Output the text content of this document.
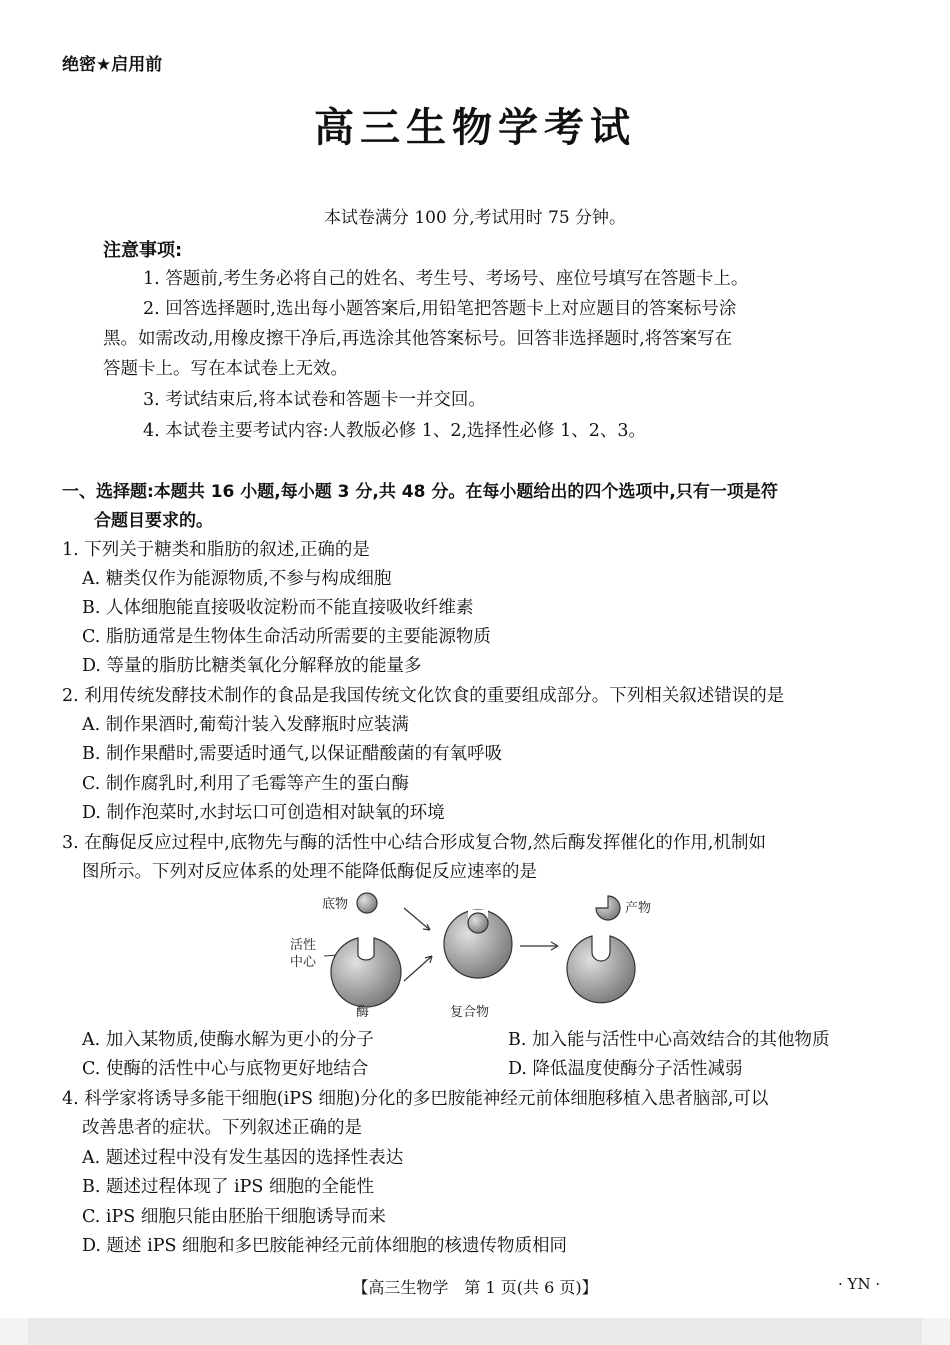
绝密★启用前
高三生物学考试
本试卷满分 100 分,考试用时 75 分钟。
注意事项:
1. 答题前,考生务必将自己的姓名、考生号、考场号、座位号填写在答题卡上。
2. 回答选择题时,选出每小题答案后,用铅笔把答题卡上对应题目的答案标号涂
黑。如需改动,用橡皮擦干净后,再选涂其他答案标号。回答非选择题时,将答案写在
答题卡上。写在本试卷上无效。
3. 考试结束后,将本试卷和答题卡一并交回。
4. 本试卷主要考试内容:人教版必修 1、2,选择性必修 1、2、3。
一、选择题:本题共 16 小题,每小题 3 分,共 48 分。在每小题给出的四个选项中,只有一项是符
合题目要求的。
1. 下列关于糖类和脂肪的叙述,正确的是
A. 糖类仅作为能源物质,不参与构成细胞
B. 人体细胞能直接吸收淀粉而不能直接吸收纤维素
C. 脂肪通常是生物体生命活动所需要的主要能源物质
D. 等量的脂肪比糖类氧化分解释放的能量多
2. 利用传统发酵技术制作的食品是我国传统文化饮食的重要组成部分。下列相关叙述错误的是
A. 制作果酒时,葡萄汁装入发酵瓶时应装满
B. 制作果醋时,需要适时通气,以保证醋酸菌的有氧呼吸
C. 制作腐乳时,利用了毛霉等产生的蛋白酶
D. 制作泡菜时,水封坛口可创造相对缺氧的环境
3. 在酶促反应过程中,底物先与酶的活性中心结合形成复合物,然后酶发挥催化的作用,机制如
图所示。下列对反应体系的处理不能降低酶促反应速率的是
底物
活性
中心
酶	复合物
产物
A. 加入某物质,使酶水解为更小的分子	B. 加入能与活性中心高效结合的其他物质
C. 使酶的活性中心与底物更好地结合	D. 降低温度使酶分子活性减弱
4. 科学家将诱导多能干细胞(iPS 细胞)分化的多巴胺能神经元前体细胞移植入患者脑部,可以
改善患者的症状。下列叙述正确的是
A. 题述过程中没有发生基因的选择性表达
B. 题述过程体现了 iPS 细胞的全能性
C. iPS 细胞只能由胚胎干细胞诱导而来
D. 题述 iPS 细胞和多巴胺能神经元前体细胞的核遗传物质相同
【高三生物学　第 1 页(共 6 页)】	· YN ·
